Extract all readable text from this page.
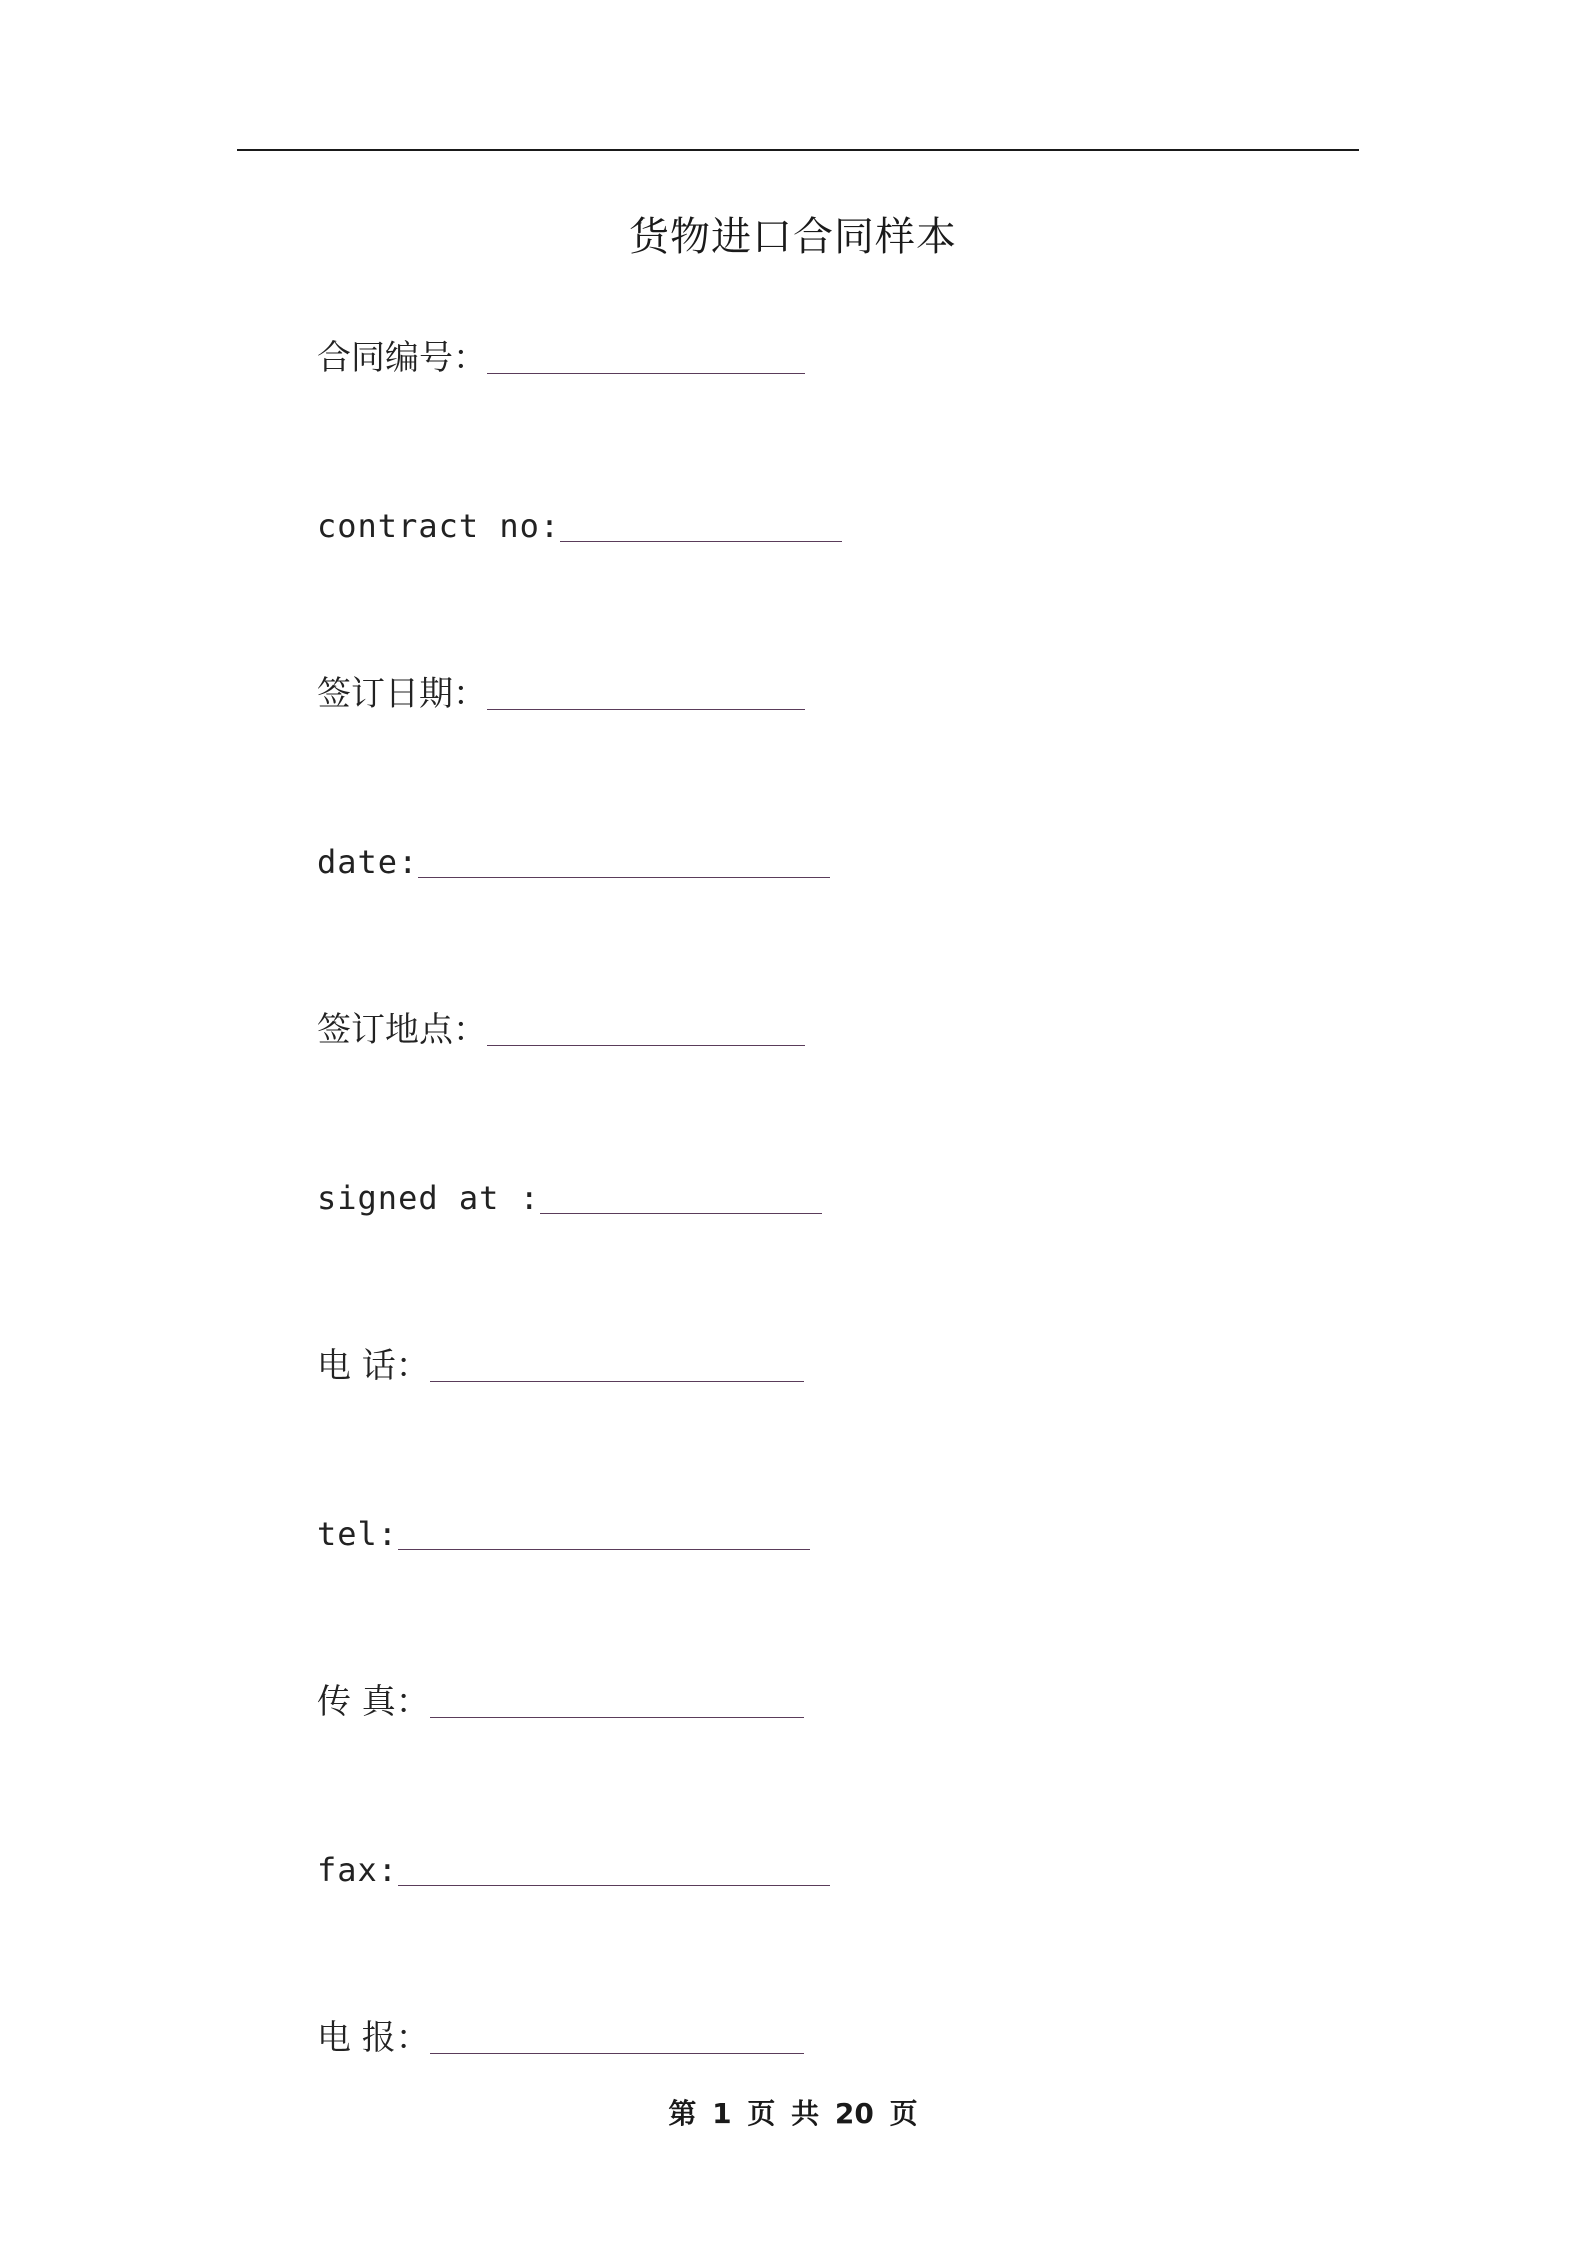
货物进口合同样本
合同编号：
contract no:
签订日期：
date:
签订地点：
signed at :
电 话：
tel:
传 真：
fax:
电 报：
第 1 页 共 20 页
